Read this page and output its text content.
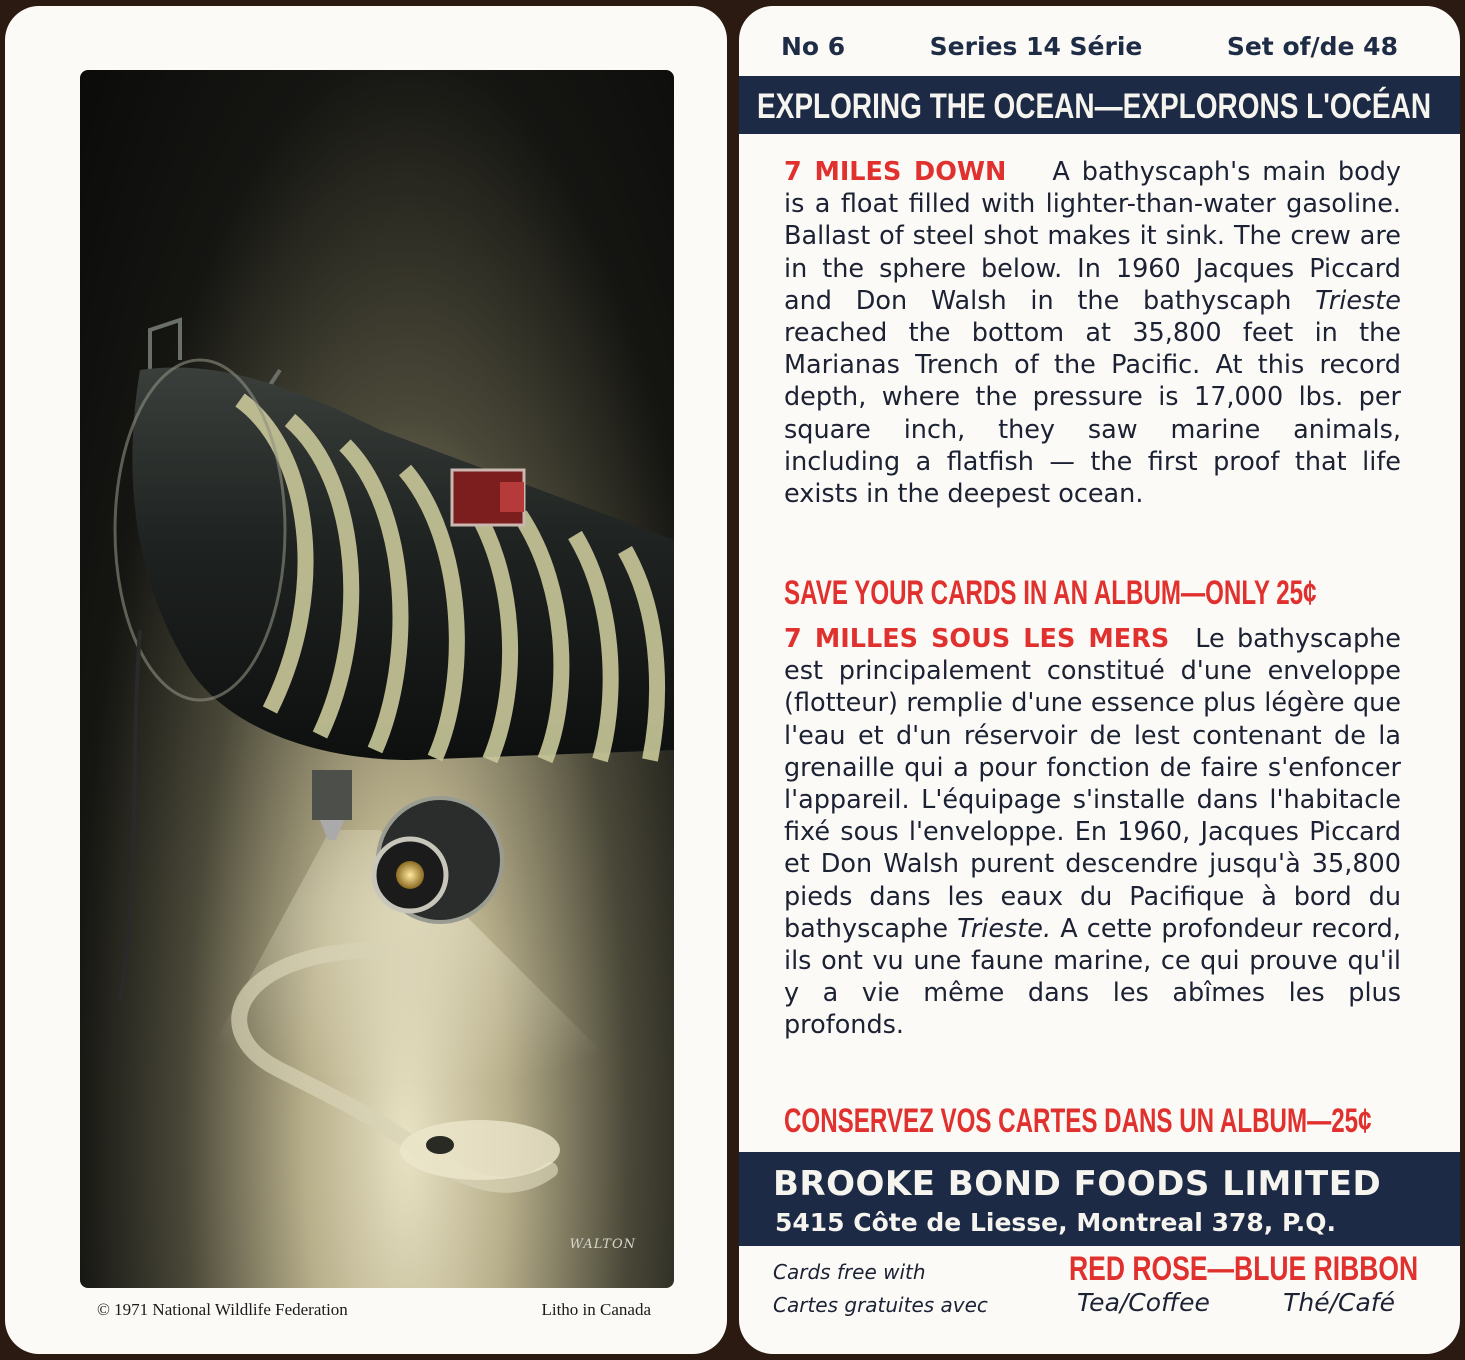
WALTON
© 1971 National Wildlife Federation	Litho in Canada
No 6	Series 14 Série	Set of/de 48
EXPLORING THE OCEAN—EXPLORONS L'OCÉAN
7 MILES DOWN A bathyscaph's main body is a float filled with lighter-than-water gasoline. Ballast of steel shot makes it sink. The crew are in the sphere below. In 1960 Jacques Piccard and Don Walsh in the bathyscaph Trieste reached the bottom at 35,800 feet in the Marianas Trench of the Pacific. At this record depth, where the pressure is 17,000 lbs. per square inch, they saw marine animals, including a flatfish — the first proof that life exists in the deepest ocean.
SAVE YOUR CARDS IN AN ALBUM—ONLY 25¢
7 MILLES SOUS LES MERS Le bathyscaphe est principalement constitué d'une enveloppe (flotteur) remplie d'une essence plus légère que l'eau et d'un réservoir de lest contenant de la grenaille qui a pour fonction de faire s'enfoncer l'appareil. L'équipage s'installe dans l'habitacle fixé sous l'enveloppe. En 1960, Jacques Piccard et Don Walsh purent descendre jusqu'à 35,800 pieds dans les eaux du Pacifique à bord du bathyscaphe Trieste. A cette profondeur record, ils ont vu une faune marine, ce qui prouve qu'il y a vie même dans les abîmes les plus profonds.
CONSERVEZ VOS CARTES DANS UN ALBUM—25¢
BROOKE BOND FOODS LIMITED
5415 Côte de Liesse, Montreal 378, P.Q.
Cards free with
Cartes gratuites avec
RED ROSE—BLUE RIBBON
Tea/Coffee	Thé/Café
